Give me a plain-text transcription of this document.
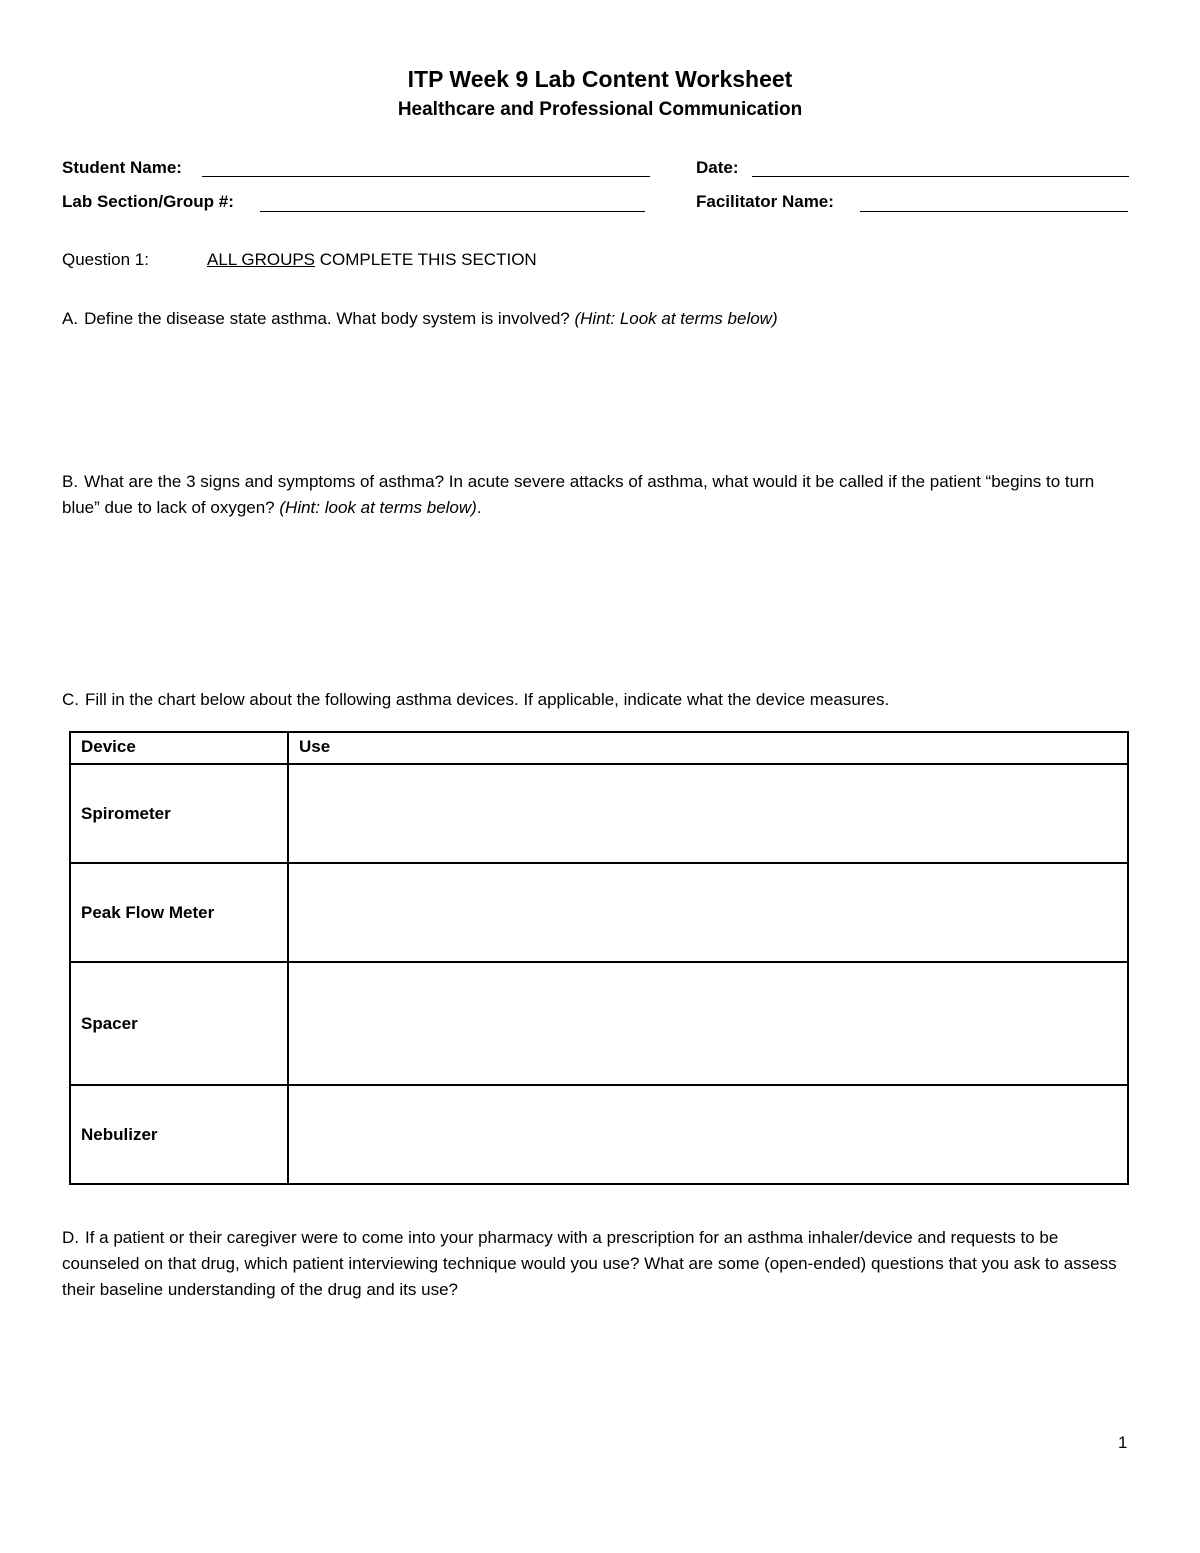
ITP Week 9 Lab Content Worksheet
Healthcare and Professional Communication
Student Name:	Date:
Lab Section/Group #:	Facilitator Name:
Question 1:	ALL GROUPS COMPLETE THIS SECTION
A. Define the disease state asthma. What body system is involved? (Hint: Look at terms below)
B. What are the 3 signs and symptoms of asthma? In acute severe attacks of asthma, what would it be called if the patient “begins to turn blue” due to lack of oxygen? (Hint: look at terms below).
C. Fill in the chart below about the following asthma devices. If applicable, indicate what the device measures.
Device	Use
Spirometer	
Peak Flow Meter	
Spacer	
Nebulizer	
D. If a patient or their caregiver were to come into your pharmacy with a prescription for an asthma inhaler/device and requests to be counseled on that drug, which patient interviewing technique would you use? What are some (open-ended) questions that you ask to assess their baseline understanding of the drug and its use?
1
